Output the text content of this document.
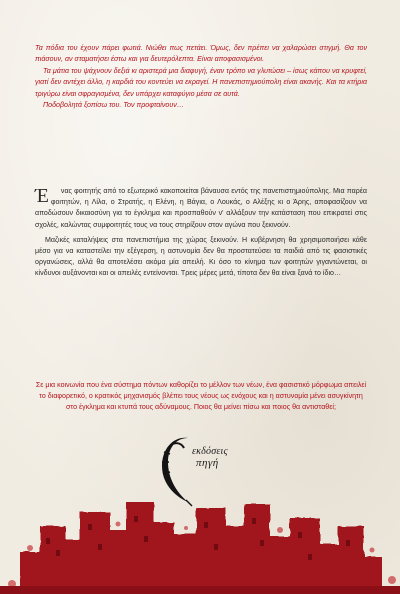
Τα πόδια του έχουν πάρει φωτιά. Νιώθει πως πετάει. Όμως, δεν πρέπει να χαλαρώσει στιγμή. Θα τον πιάσουν, αν σταματήσει έστω και για δευτερόλεπτα. Είναι αποφασισμένοι.

Τα μάτια του ψάχνουν δεξιά κι αριστερά μια διαφυγή, έναν τρόπο να γλυτώσει – ίσως κάπου να κρυφτεί, γιατί δεν αντέχει άλλο, η καρδιά του κοντεύει να εκραγεί. Η πανεπιστημιούπολη είναι ακανής. Και τα κτήρια τριγύρω είναι σφραγισμένα, δεν υπάρχει καταφύγιο μέσα σε αυτά.

Ποδοβολητά ξοπίσω του. Τον προφταίνουν…

Έ νας φοιτητής από το εξωτερικό κακοποιείται βάναυσα εντός της πανεπιστημιούπολης. Μια παρέα φοιτητών, η Λίλα, ο Στρατής, η Ελένη, η Βάγια, ο Λουκάς, ο Αλέξης κι ο Άρης, αποφασίζουν να αποδώσουν δικαιοσύνη για το έγκλημα και προσπαθούν ν' αλλάξουν την κατάσταση που επικρατεί στις σχολές, καλώντας συμφοιτητές τους να τους στηρίξουν στον αγώνα που ξεκινούν.

Μαζικές καταλήψεις στα πανεπιστήμια της χώρας ξεκινούν. Η κυβέρνηση θα χρησιμοποιήσει κάθε μέσο για να καταστείλει την εξέγερση, η αστυνομία δεν θα προστατεύσει τα παιδιά από τις φασιστικές οργανώσεις, αλλά θα αποτελέσει ακόμα μία απειλή. Κι όσο το κίνημα των φοιτητών γιγαντώνεται, οι κίνδυνοι αυξάνονται και οι απειλές εντείνονται. Τρεις μέρες μετά, τίποτα δεν θα είναι ξανά το ίδιο…

Σε μια κοινωνία που ένα σύστημα πόντων καθορίζει το μέλλον των νέων, ένα φασιστικό μόρφωμα απειλεί το διαφορετικό, ο κρατικός μηχανισμός βλέπει τους νέους ως ενόχους και η αστυνομία μένει ασυγκίνητη στο έγκλημα και κτυπά τους αδύναμους. Ποιος θα μείνει πίσω και ποιος θα αντισταθεί;

εκδόσεις
πηγή
